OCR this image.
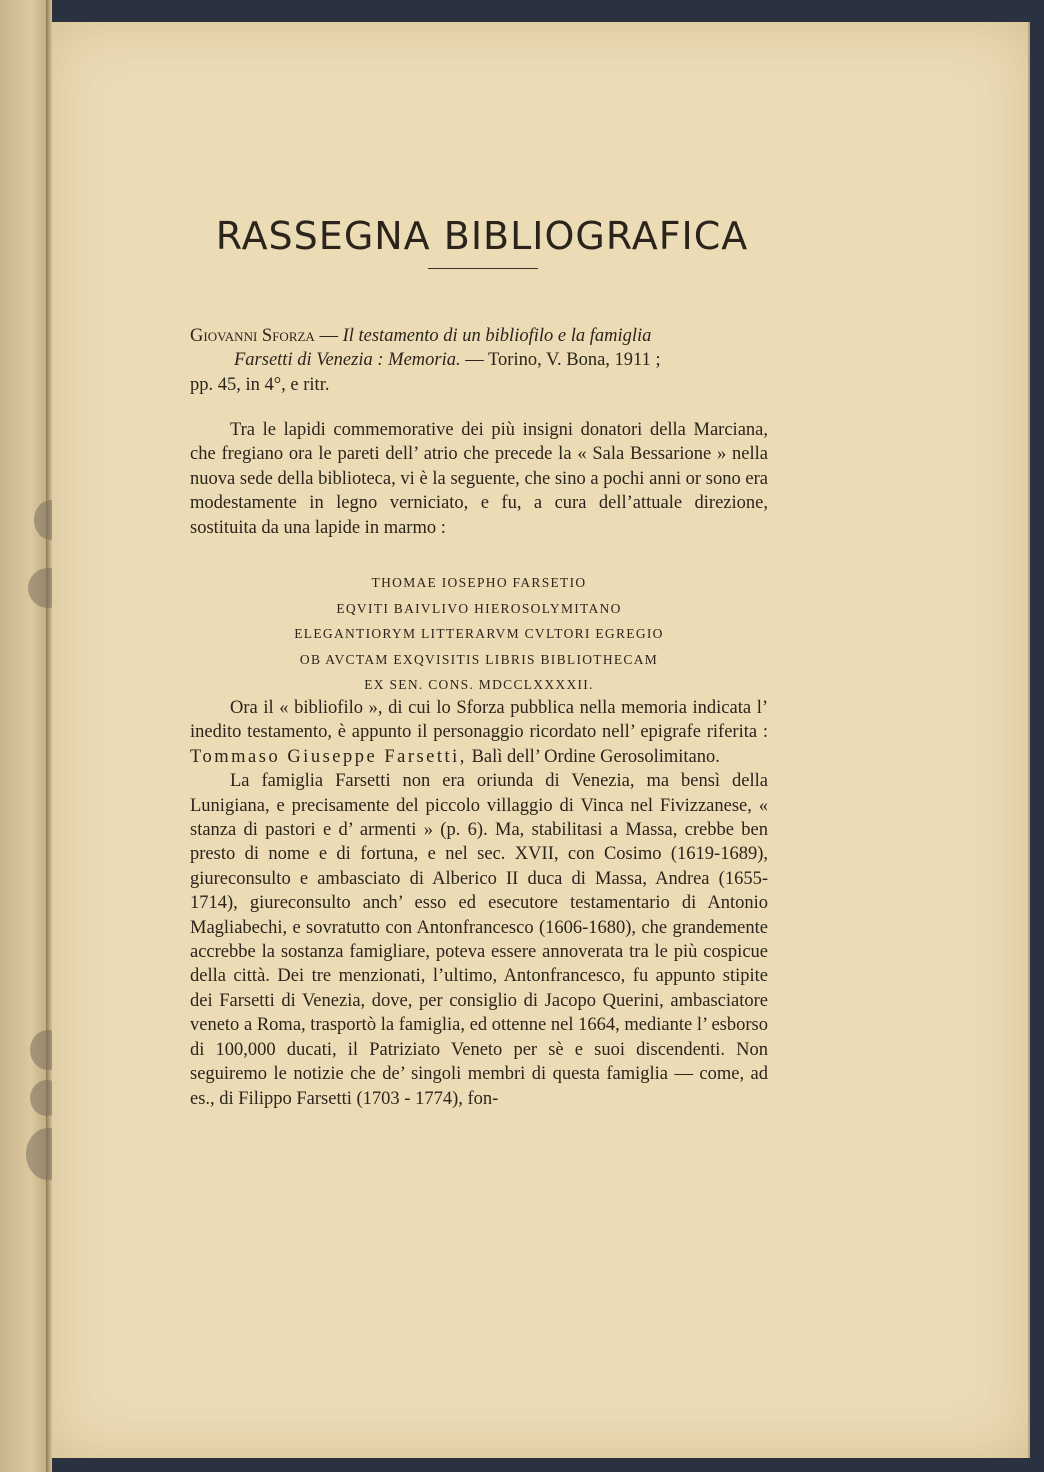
RASSEGNA BIBLIOGRAFICA
Giovanni Sforza — Il testamento di un bibliofilo e la famiglia
Farsetti di Venezia : Memoria. — Torino, V. Bona, 1911 ;
pp. 45, in 4°, e ritr.
Tra le lapidi commemorative dei più insigni donatori della Marciana, che fregiano ora le pareti dell’ atrio che precede la « Sala Bessarione » nella nuova sede della biblioteca, vi è la seguente, che sino a pochi anni or sono era modestamente in legno verniciato, e fu, a cura dell’attuale direzione, sostituita da una lapide in marmo :
THOMAE IOSEPHO FARSETIO
EQVITI BAIVLIVO HIEROSOLYMITANO
ELEGANTIORYM LITTERARVM CVLTORI EGREGIO
OB AVCTAM EXQVISITIS LIBRIS BIBLIOTHECAM
EX SEN. CONS. MDCCLXXXXII.

Ora il « bibliofilo », di cui lo Sforza pubblica nella memoria indicata l’ inedito testamento, è appunto il personaggio ricordato nell’ epigrafe riferita : Tommaso Giuseppe Farsetti, Balì dell’ Ordine Gerosolimitano.

La famiglia Farsetti non era oriunda di Venezia, ma bensì della Lunigiana, e precisamente del piccolo villaggio di Vinca nel Fivizzanese, « stanza di pastori e d’ armenti » (p. 6). Ma, stabilitasi a Massa, crebbe ben presto di nome e di fortuna, e nel sec. XVII, con Cosimo (1619-1689), giureconsulto e ambasciato di Alberico II duca di Massa, Andrea (1655-1714), giureconsulto anch’ esso ed esecutore testamentario di Antonio Magliabechi, e sovratutto con Antonfrancesco (1606-1680), che grandemente accrebbe la sostanza famigliare, poteva essere annoverata tra le più cospicue della città. Dei tre menzionati, l’ultimo, Antonfrancesco, fu appunto stipite dei Farsetti di Venezia, dove, per consiglio di Jacopo Querini, ambasciatore veneto a Roma, trasportò la famiglia, ed ottenne nel 1664, mediante l’ esborso di 100,000 ducati, il Patriziato Veneto per sè e suoi discendenti. Non seguiremo le notizie che de’ singoli membri di questa famiglia — come, ad es., di Filippo Farsetti (1703 - 1774), fon-
